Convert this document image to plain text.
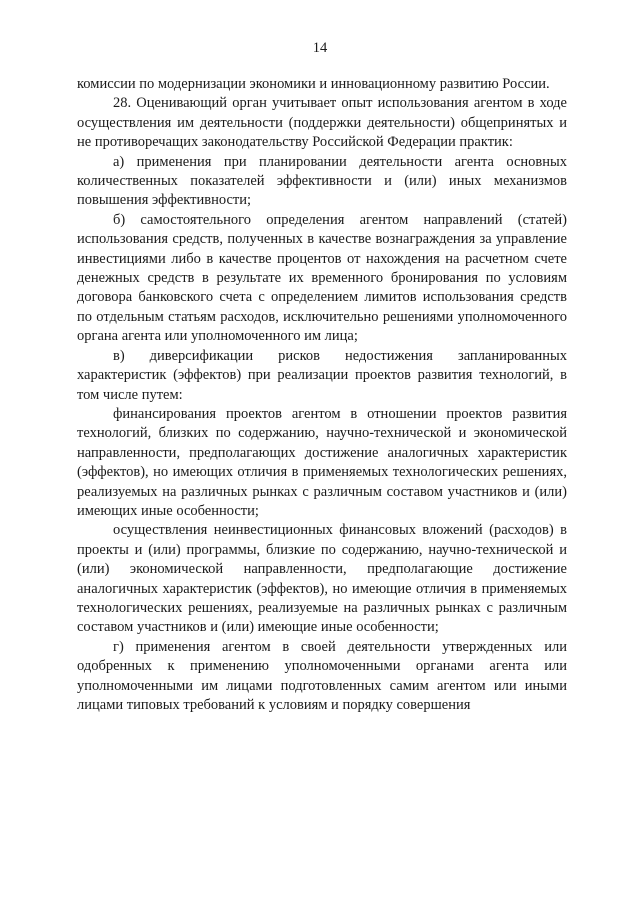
14

комиссии по модернизации экономики и инновационному развитию России.

28. Оценивающий орган учитывает опыт использования агентом в ходе осуществления им деятельности (поддержки деятельности) общепринятых и не противоречащих законодательству Российской Федерации практик:

а) применения при планировании деятельности агента основных количественных показателей эффективности и (или) иных механизмов повышения эффективности;

б) самостоятельного определения агентом направлений (статей) использования средств, полученных в качестве вознаграждения за управление инвестициями либо в качестве процентов от нахождения на расчетном счете денежных средств в результате их временного бронирования по условиям договора банковского счета с определением лимитов использования средств по отдельным статьям расходов, исключительно решениями уполномоченного органа агента или уполномоченного им лица;

в) диверсификации рисков недостижения запланированных характеристик (эффектов) при реализации проектов развития технологий, в том числе путем:

финансирования проектов агентом в отношении проектов развития технологий, близких по содержанию, научно-технической и экономической направленности, предполагающих достижение аналогичных характеристик (эффектов), но имеющих отличия в применяемых технологических решениях, реализуемых на различных рынках с различным составом участников и (или) имеющих иные особенности;

осуществления неинвестиционных финансовых вложений (расходов) в проекты и (или) программы, близкие по содержанию, научно-технической и (или) экономической направленности, предполагающие достижение аналогичных характеристик (эффектов), но имеющие отличия в применяемых технологических решениях, реализуемые на различных рынках с различным составом участников и (или) имеющие иные особенности;

г) применения агентом в своей деятельности утвержденных или одобренных к применению уполномоченными органами агента или уполномоченными им лицами подготовленных самим агентом или иными лицами типовых требований к условиям и порядку совершения
